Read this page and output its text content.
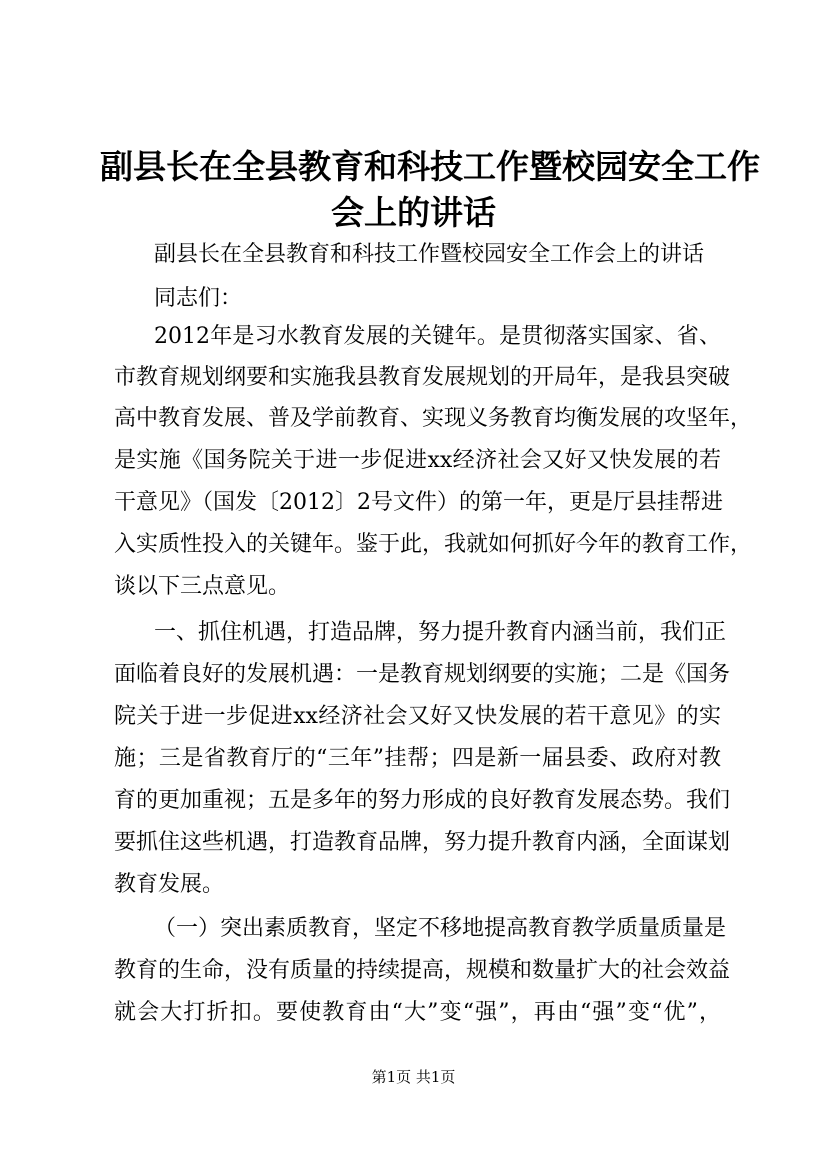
副县长在全县教育和科技工作暨校园安全工作
会上的讲话

副县长在全县教育和科技工作暨校园安全工作会上的讲话

同志们：

2012年是习水教育发展的关键年。是贯彻落实国家、省、

市教育规划纲要和实施我县教育发展规划的开局年，是我县突破

高中教育发展、普及学前教育、实现义务教育均衡发展的攻坚年，

是实施《国务院关于进一步促进xx经济社会又好又快发展的若

干意见》（国发〔2012〕2号文件）的第一年，更是厅县挂帮进

入实质性投入的关键年。鉴于此，我就如何抓好今年的教育工作，

谈以下三点意见。

一、抓住机遇，打造品牌，努力提升教育内涵当前，我们正

面临着良好的发展机遇：一是教育规划纲要的实施；二是《国务

院关于进一步促进xx经济社会又好又快发展的若干意见》的实

施；三是省教育厅的“三年”挂帮；四是新一届县委、政府对教

育的更加重视；五是多年的努力形成的良好教育发展态势。我们

要抓住这些机遇，打造教育品牌，努力提升教育内涵，全面谋划

教育发展。

（一）突出素质教育，坚定不移地提高教育教学质量质量是

教育的生命，没有质量的持续提高，规模和数量扩大的社会效益

就会大打折扣。要使教育由“大”变“强”，再由“强”变“优”，

第1页 共1页
